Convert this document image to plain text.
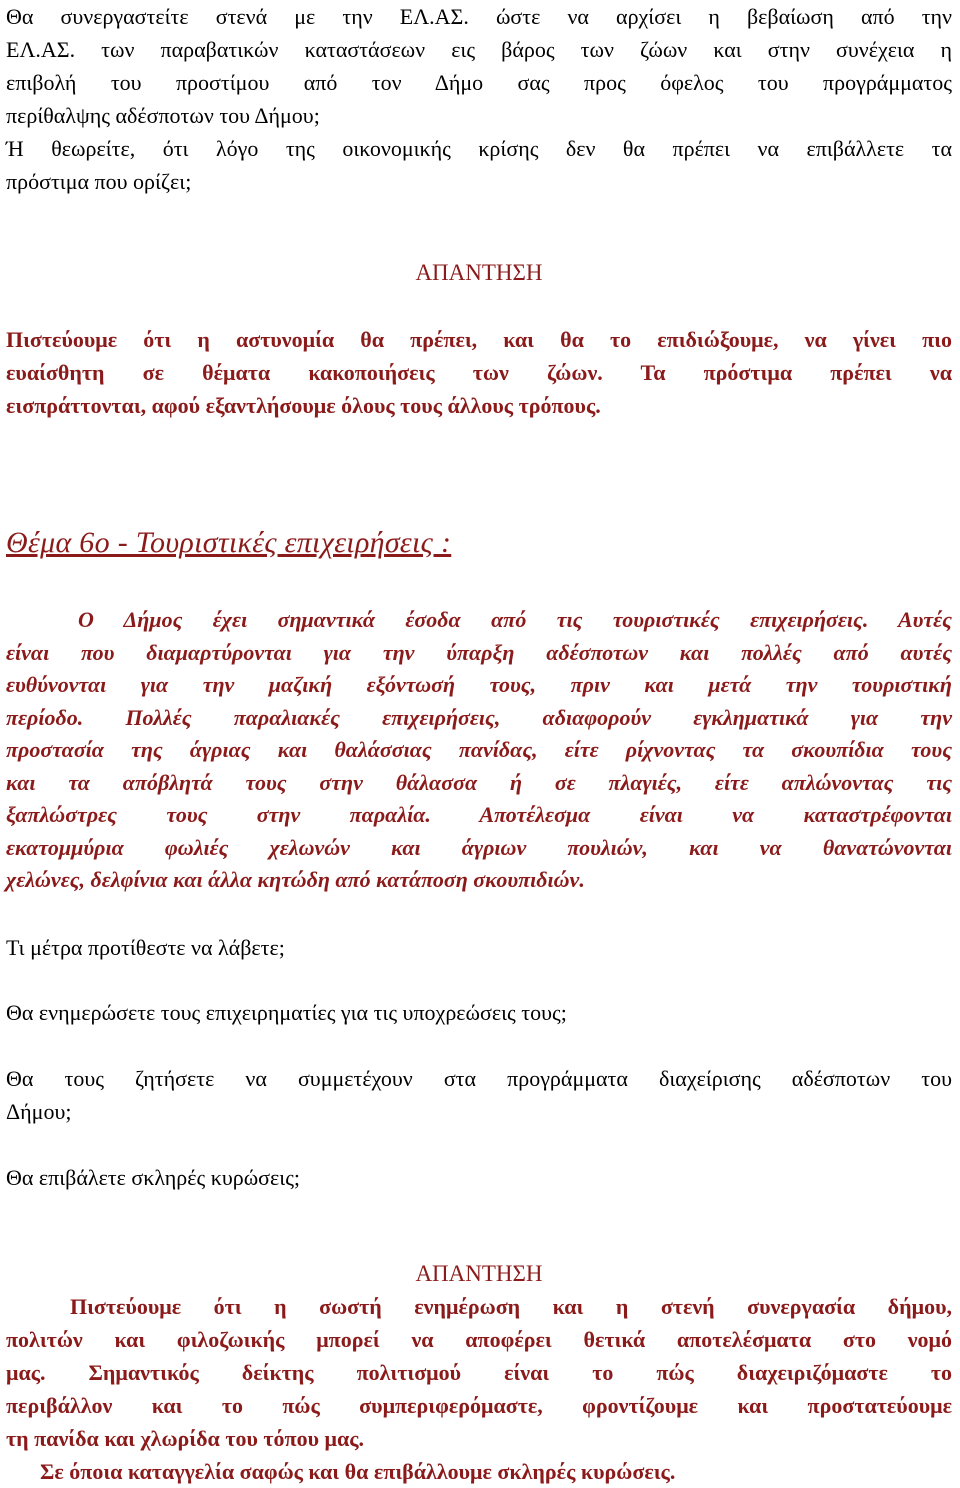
Θα συνεργαστείτε στενά με την ΕΛ.ΑΣ. ώστε να αρχίσει η βεβαίωση από την
ΕΛ.ΑΣ. των παραβατικών καταστάσεων εις βάρος των ζώων και στην συνέχεια η
επιβολή του προστίμου από τον Δήμο σας προς όφελος του προγράμματος
περίθαλψης αδέσποτων του Δήμου;
Ή θεωρείτε, ότι λόγο της οικονομικής κρίσης δεν θα πρέπει να επιβάλλετε τα
πρόστιμα που ορίζει;

ΑΠΑΝΤΗΣΗ

Πιστεύουμε ότι η αστυνομία θα πρέπει, και θα το επιδιώξουμε, να γίνει πιο
ευαίσθητη σε θέματα κακοποιήσεις των ζώων. Τα πρόστιμα πρέπει να
εισπράττονται, αφού εξαντλήσουμε όλους τους άλλους τρόπους.

Θέμα 6ο - Τουριστικές επιχειρήσεις :

Ο Δήμος έχει σημαντικά έσοδα από τις τουριστικές επιχειρήσεις. Αυτές
είναι που διαμαρτύρονται για την ύπαρξη αδέσποτων και πολλές από αυτές
ευθύνονται για την μαζική εξόντωσή τους, πριν και μετά την τουριστική
περίοδο. Πολλές παραλιακές επιχειρήσεις, αδιαφορούν εγκληματικά για την
προστασία της άγριας και θαλάσσιας πανίδας, είτε ρίχνοντας τα σκουπίδια τους
και τα απόβλητά τους στην θάλασσα ή σε πλαγιές, είτε απλώνοντας τις
ξαπλώστρες τους στην παραλία. Αποτέλεσμα είναι να καταστρέφονται
εκατομμύρια φωλιές χελωνών και άγριων πουλιών, και να θανατώνονται
χελώνες, δελφίνια και άλλα κητώδη από κατάποση σκουπιδιών.

Τι μέτρα προτίθεστε να λάβετε;

Θα ενημερώσετε τους επιχειρηματίες για τις υποχρεώσεις τους;

Θα τους ζητήσετε να συμμετέχουν στα προγράμματα διαχείρισης αδέσποτων του
Δήμου;

Θα επιβάλετε σκληρές κυρώσεις;

ΑΠΑΝΤΗΣΗ

Πιστεύουμε ότι η σωστή ενημέρωση και η στενή συνεργασία δήμου,
πολιτών και φιλοζωικής μπορεί να αποφέρει θετικά αποτελέσματα στο νομό
μας. Σημαντικός δείκτης πολιτισμού είναι το πώς διαχειριζόμαστε το
περιβάλλον και το πώς συμπεριφερόμαστε, φροντίζουμε και προστατεύουμε
τη πανίδα και χλωρίδα του τόπου μας.

Σε όποια καταγγελία σαφώς και θα επιβάλλουμε σκληρές κυρώσεις.
